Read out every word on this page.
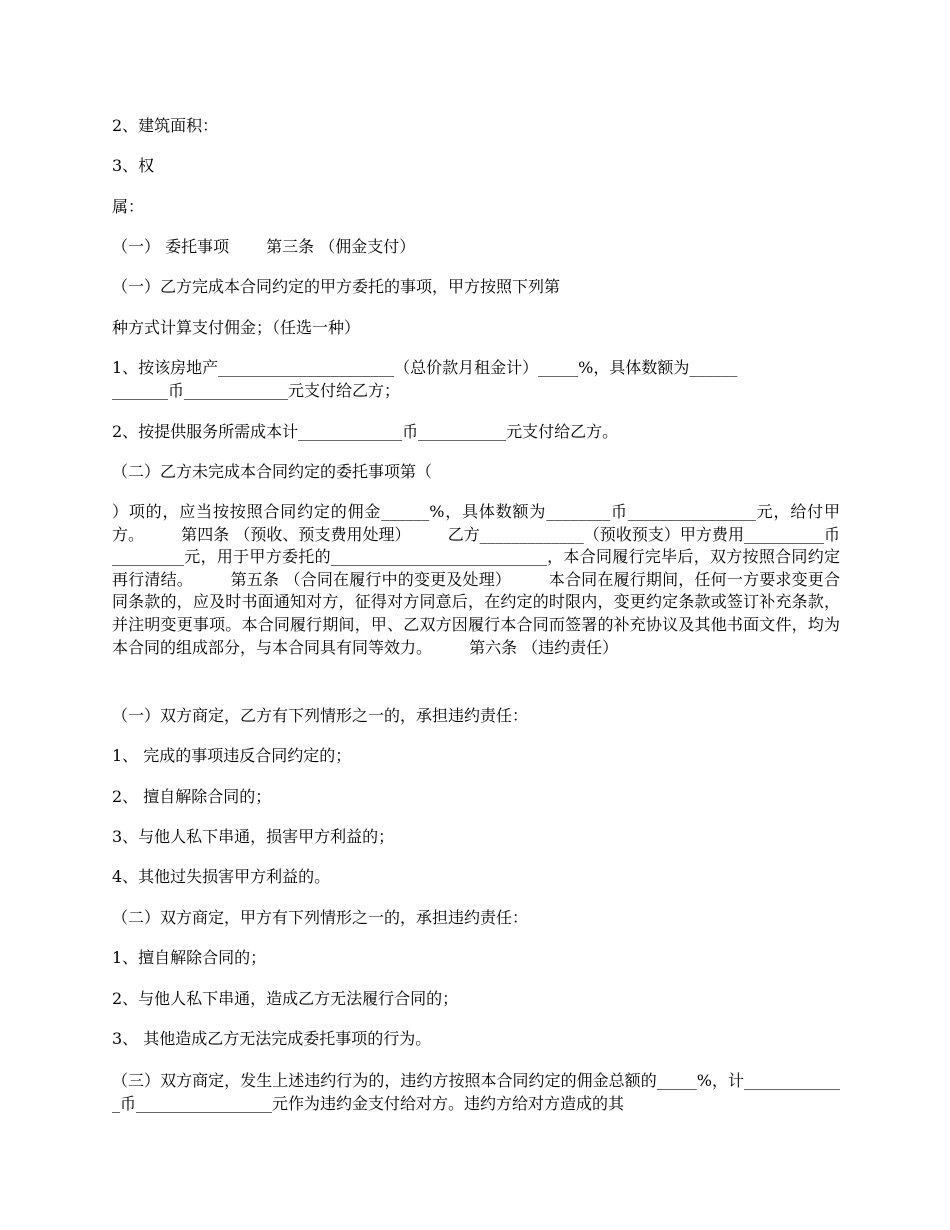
2、建筑面积：
3、权
属：
（一） 委托事项 　　第三条 （佣金支付）
（一）乙方完成本合同约定的甲方委托的事项，甲方按照下列第
种方式计算支付佣金；（任选一种）
1、按该房地产______________________（总价款月租金计）_____%，具体数额为______
_______币_____________元支付给乙方；
2、按提供服务所需成本计_____________币___________元支付给乙方。
（二）乙方未完成本合同约定的委托事项第（
）项的，应当按按照合同约定的佣金______%，具体数额为________币________________元，给付甲方。 　　第四条 （预收、预支费用处理） 　　乙方_____________（预收预支）甲方费用__________币_________元，用于甲方委托的___________________________，本合同履行完毕后，双方按照合同约定再行清结。 　　第五条 （合同在履行中的变更及处理） 　　本合同在履行期间，任何一方要求变更合同条款的，应及时书面通知对方，征得对方同意后，在约定的时限内，变更约定条款或签订补充条款，并注明变更事项。本合同履行期间，甲、乙双方因履行本合同而签署的补充协议及其他书面文件，均为本合同的组成部分，与本合同具有同等效力。 　　第六条 （违约责任）
（一）双方商定，乙方有下列情形之一的，承担违约责任：
1、 完成的事项违反合同约定的；
2、 擅自解除合同的；
3、与他人私下串通，损害甲方利益的；
4、其他过失损害甲方利益的。
（二）双方商定，甲方有下列情形之一的，承担违约责任：
1、擅自解除合同的；
2、与他人私下串通，造成乙方无法履行合同的；
3、 其他造成乙方无法完成委托事项的行为。
（三）双方商定，发生上述违约行为的，违约方按照本合同约定的佣金总额的_____%，计_____________币_________________元作为违约金支付给对方。违约方给对方造成的其
